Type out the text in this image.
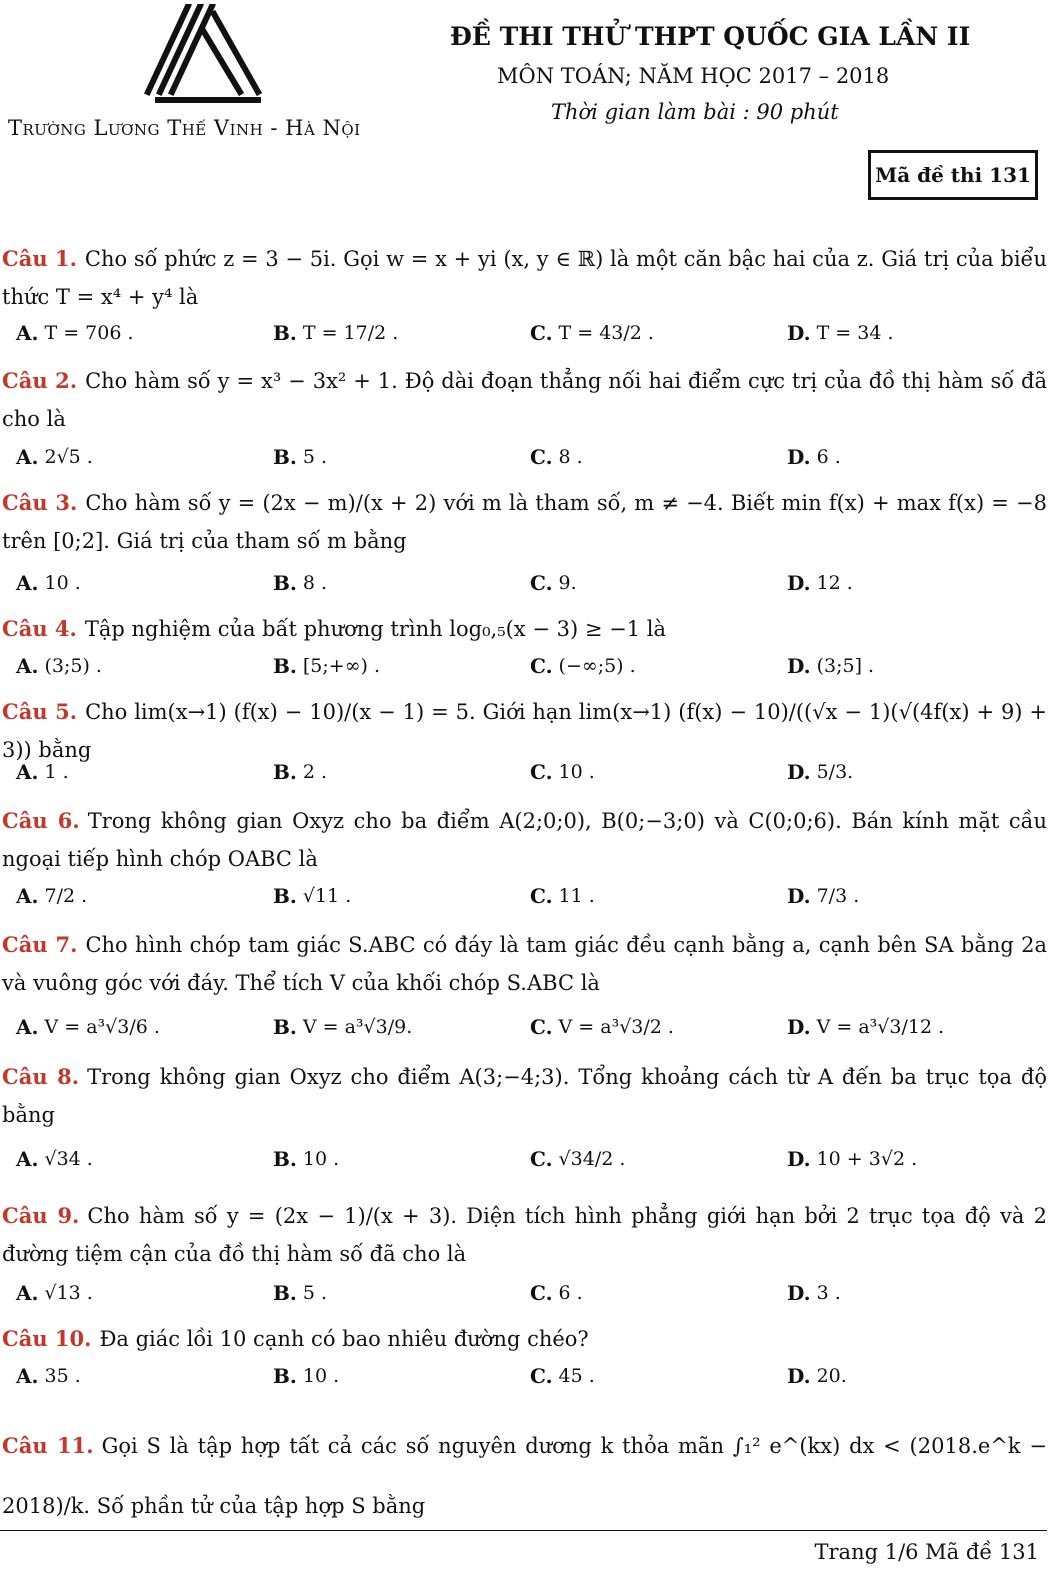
Trường Lương Thế Vinh - Hà Nội
ĐỀ THI THỬ THPT QUỐC GIA LẦN II
MÔN TOÁN; NĂM HỌC 2017 – 2018
Thời gian làm bài : 90 phút
Mã đề thi 131
Câu 1. Cho số phức z = 3 − 5i. Gọi w = x + yi (x, y ∈ ℝ) là một căn bậc hai của z. Giá trị của biểu thức T = x⁴ + y⁴ là
A. T = 706 .	B. T = 17/2 .	C. T = 43/2 .	D. T = 34 .
Câu 2. Cho hàm số y = x³ − 3x² + 1. Độ dài đoạn thẳng nối hai điểm cực trị của đồ thị hàm số đã cho là
A. 2√5 .	B. 5 .	C. 8 .	D. 6 .
Câu 3. Cho hàm số y = (2x − m)/(x + 2) với m là tham số, m ≠ −4. Biết min f(x) + max f(x) = −8 trên [0;2]. Giá trị của tham số m bằng
A. 10 .	B. 8 .	C. 9.	D. 12 .
Câu 4. Tập nghiệm của bất phương trình log₀,₅(x − 3) ≥ −1 là
A. (3;5) .	B. [5;+∞) .	C. (−∞;5) .	D. (3;5] .
Câu 5. Cho lim(x→1) (f(x) − 10)/(x − 1) = 5. Giới hạn lim(x→1) (f(x) − 10)/((√x − 1)(√(4f(x) + 9) + 3)) bằng
A. 1 .	B. 2 .	C. 10 .	D. 5/3.
Câu 6. Trong không gian Oxyz cho ba điểm A(2;0;0), B(0;−3;0) và C(0;0;6). Bán kính mặt cầu ngoại tiếp hình chóp OABC là
A. 7/2 .	B. √11 .	C. 11 .	D. 7/3 .
Câu 7. Cho hình chóp tam giác S.ABC có đáy là tam giác đều cạnh bằng a, cạnh bên SA bằng 2a và vuông góc với đáy. Thể tích V của khối chóp S.ABC là
A. V = a³√3/6 .	B. V = a³√3/9.	C. V = a³√3/2 .	D. V = a³√3/12 .
Câu 8. Trong không gian Oxyz cho điểm A(3;−4;3). Tổng khoảng cách từ A đến ba trục tọa độ bằng
A. √34 .	B. 10 .	C. √34/2 .	D. 10 + 3√2 .
Câu 9. Cho hàm số y = (2x − 1)/(x + 3). Diện tích hình phẳng giới hạn bởi 2 trục tọa độ và 2 đường tiệm cận của đồ thị hàm số đã cho là
A. √13 .	B. 5 .	C. 6 .	D. 3 .
Câu 10. Đa giác lồi 10 cạnh có bao nhiêu đường chéo?
A. 35 .	B. 10 .	C. 45 .	D. 20.
Câu 11. Gọi S là tập hợp tất cả các số nguyên dương k thỏa mãn ∫₁² e^(kx) dx < (2018.e^k − 2018)/k. Số phần tử của tập hợp S bằng
Trang 1/6 Mã đề 131
